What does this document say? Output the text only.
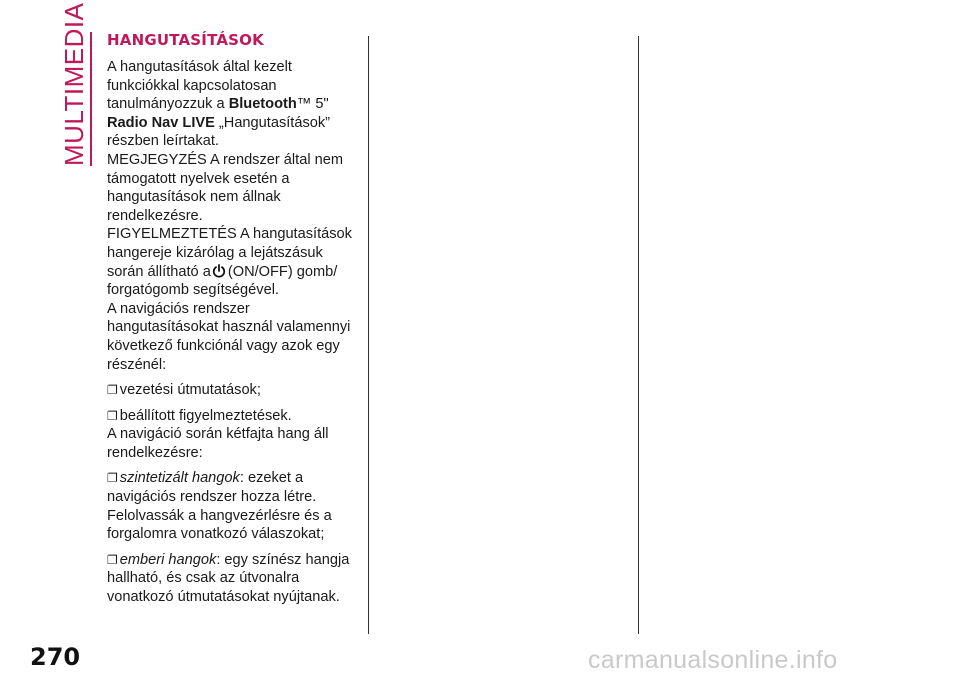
MULTIMEDIA HANGUTASÍTÁSOK

A hangutasítások által kezelt funkciókkal kapcsolatosan tanulmányozzuk a Bluetooth™ 5" Radio Nav LIVE „Hangutasítások” részben leírtakat.

MEGJEGYZÉS A rendszer által nem támogatott nyelvek esetén a hangutasítások nem állnak rendelkezésre.

FIGYELMEZTETÉS A hangutasítások hangereje kizárólag a lejátszásuk során állítható a (ON/OFF) gomb/ forgatógomb segítségével.

A navigációs rendszer hangutasításokat használ valamennyi következő funkciónál vagy azok egy részénél:

❐ vezetési útmutatások;

❐ beállított figyelmeztetések.

A navigáció során kétfajta hang áll rendelkezésre:

❐ szintetizált hangok: ezeket a navigációs rendszer hozza létre. Felolvassák a hangvezérlésre és a forgalomra vonatkozó válaszokat;

❐ emberi hangok: egy színész hangja hallható, és csak az útvonalra vonatkozó útmutatásokat nyújtanak.

270	carmanualsonline.info
